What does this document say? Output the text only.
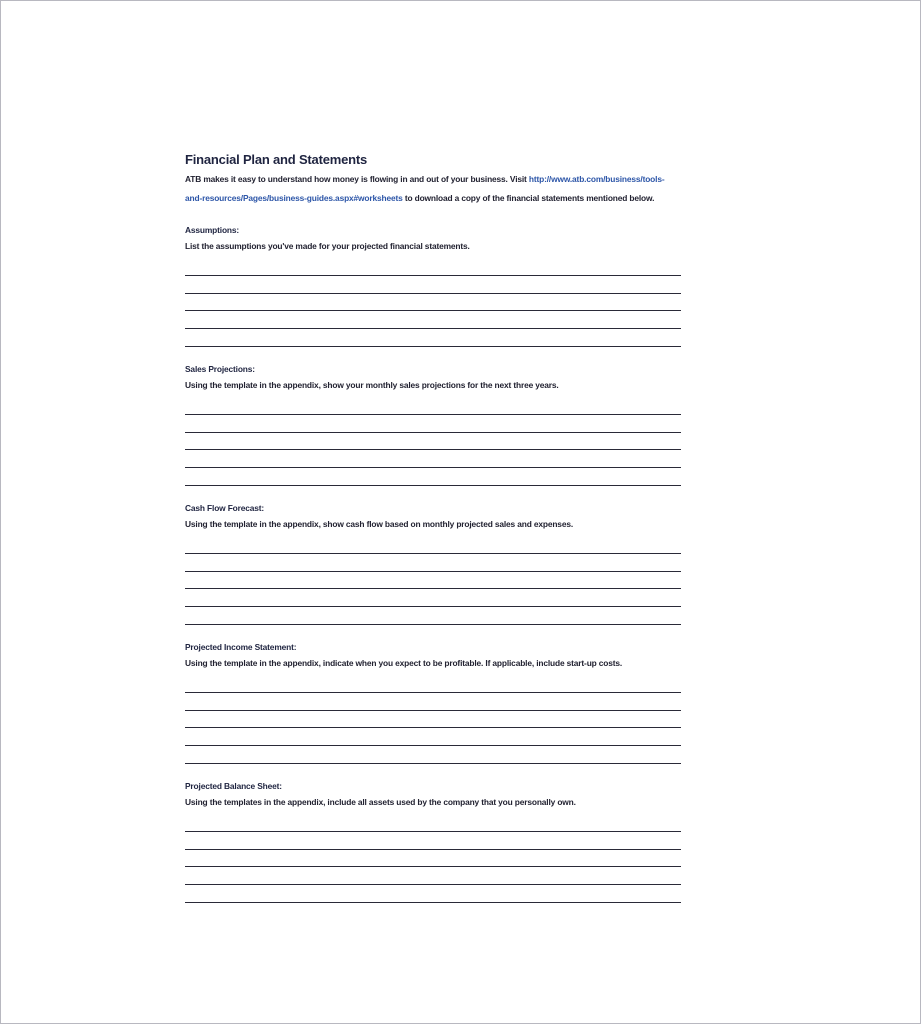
Financial Plan and Statements

ATB makes it easy to understand how money is flowing in and out of your business. Visit http://www.atb.com/business/tools-and-resources/Pages/business-guides.aspx#worksheets to download a copy of the financial statements mentioned below.

Assumptions:
List the assumptions you've made for your projected financial statements.
Sales Projections:
Using the template in the appendix, show your monthly sales projections for the next three years.
Cash Flow Forecast:
Using the template in the appendix, show cash flow based on monthly projected sales and expenses.
Projected Income Statement:
Using the template in the appendix, indicate when you expect to be profitable. If applicable, include start-up costs.
Projected Balance Sheet:
Using the templates in the appendix, include all assets used by the company that you personally own.
